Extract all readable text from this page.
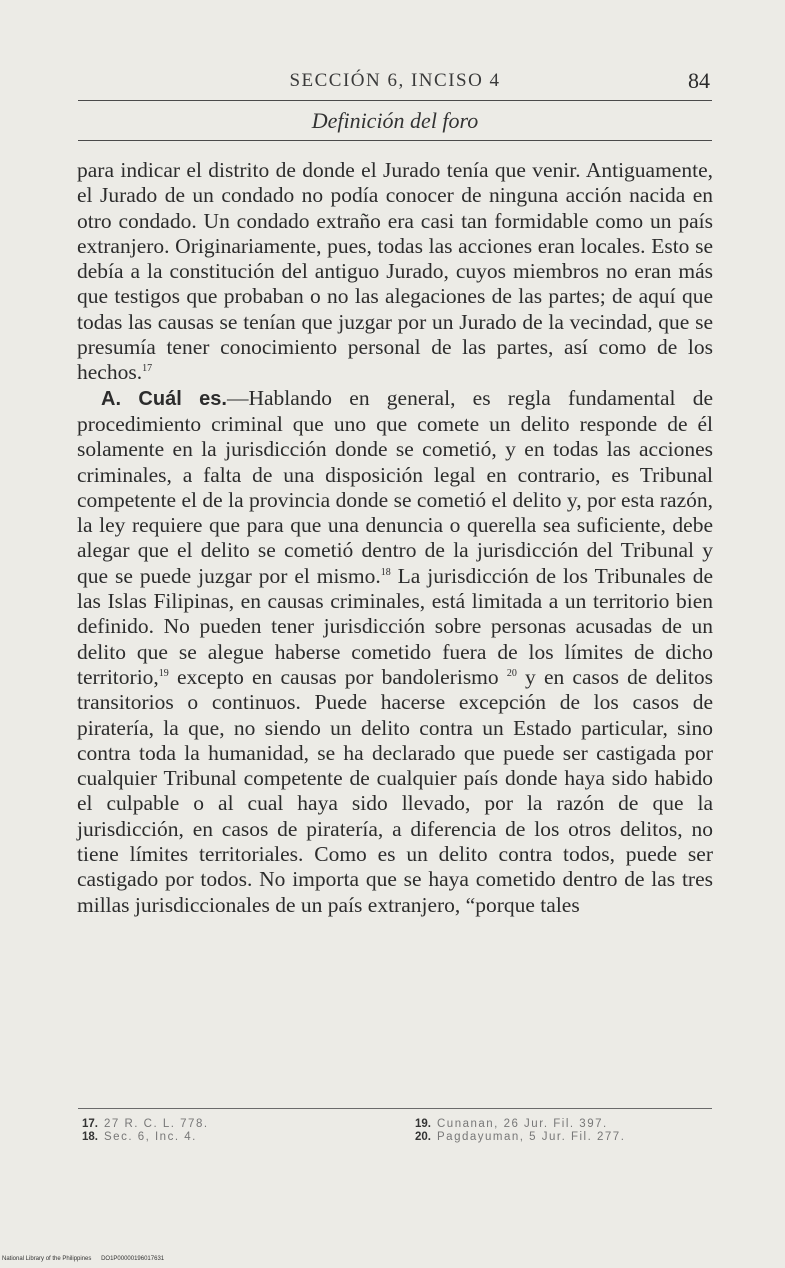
SECCIÓN 6, INCISO 4	84
Definición del foro

para indicar el distrito de donde el Jurado tenía que venir. Antiguamente, el Jurado de un condado no podía conocer de ninguna acción nacida en otro condado. Un condado extraño era casi tan formidable como un país extranjero. Originariamente, pues, todas las acciones eran locales. Esto se debía a la constitución del antiguo Jurado, cuyos miembros no eran más que testigos que probaban o no las alegaciones de las partes; de aquí que todas las causas se tenían que juzgar por un Jurado de la vecindad, que se presumía tener conocimiento personal de las partes, así como de los hechos.$^{17}$

A. Cuál es.—Hablando en general, es regla fundamental de procedimiento criminal que uno que comete un delito responde de él solamente en la jurisdicción donde se cometió, y en todas las acciones criminales, a falta de una disposición legal en contrario, es Tribunal competente el de la provincia donde se cometió el delito y, por esta razón, la ley requiere que para que una denuncia o querella sea suficiente, debe alegar que el delito se cometió dentro de la jurisdicción del Tribunal y que se puede juzgar por el mismo.$^{18}$ La jurisdicción de los Tribunales de las Islas Filipinas, en causas criminales, está limitada a un territorio bien definido. No pueden tener jurisdicción sobre personas acusadas de un delito que se alegue haberse cometido fuera de los límites de dicho territorio,$^{19}$ excepto en causas por bandolerismo $^{20}$ y en casos de delitos transitorios o continuos. Puede hacerse excepción de los casos de piratería, la que, no siendo un delito contra un Estado particular, sino contra toda la humanidad, se ha declarado que puede ser castigada por cualquier Tribunal competente de cualquier país donde haya sido habido el culpable o al cual haya sido llevado, por la razón de que la jurisdicción, en casos de piratería, a diferencia de los otros delitos, no tiene límites territoriales. Como es un delito contra todos, puede ser castigado por todos. No importa que se haya cometido dentro de las tres millas jurisdiccionales de un país extranjero, “porque tales

17. 27 R. C. L. 778.
18. Sec. 6, Inc. 4.
19. Cunanan, 26 Jur. Fil. 397.
20. Pagdayuman, 5 Jur. Fil. 277.
National Library of the Philippines DO1P00000196017631
